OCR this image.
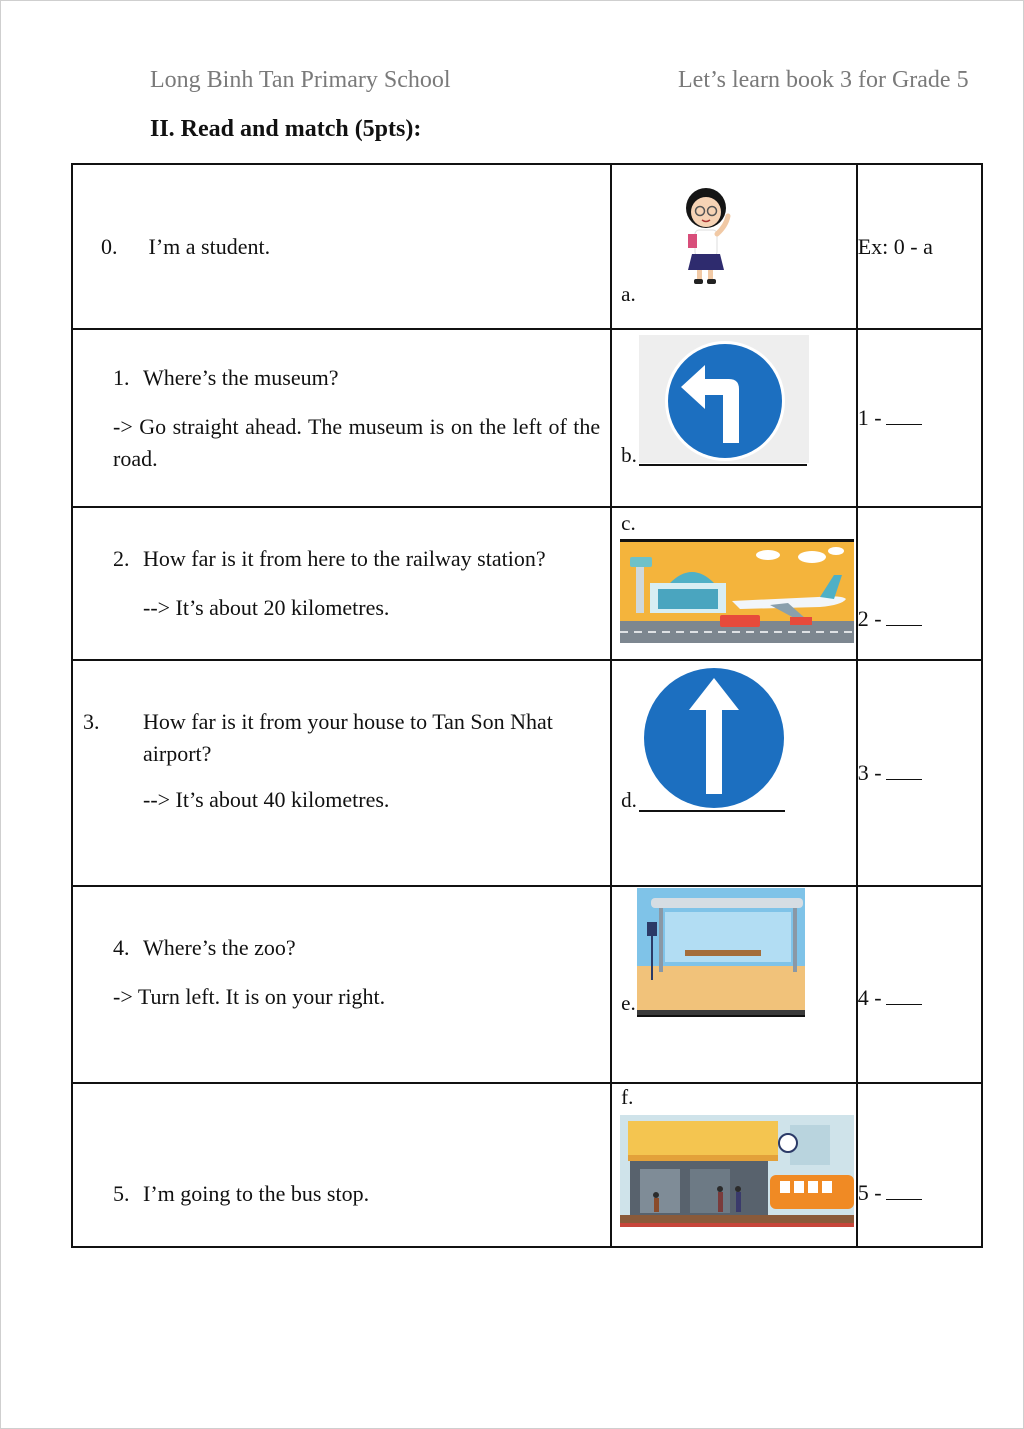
Long Binh Tan Primary School	Let’s learn book 3 for Grade 5
II. Read and match (5pts):
0. I’m a student.	a.	Ex: 0 - a

1. Where’s the museum?

-> Go straight ahead. The museum is on the left of the road.	b.	1 -

2. How far is it from here to the railway station?

--> It’s about 20 kilometres.	c.	2 -

3. How far is it from your house to Tan Son Nhat airport?

--> It’s about 40 kilometres.	d.	3 -

4. Where’s the zoo?

-> Turn left. It is on your right.	e.	4 -

5. I’m going to the bus stop.	f.	5 -
